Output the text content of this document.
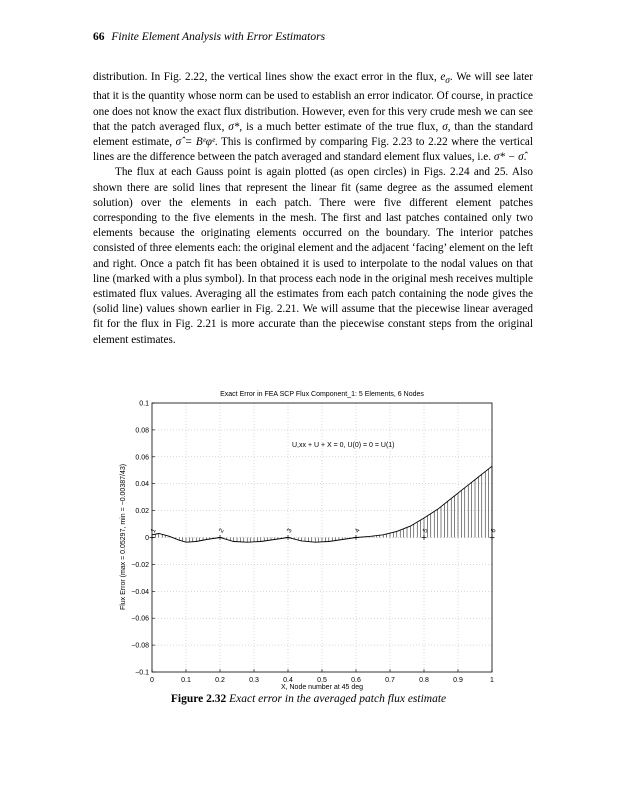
66 Finite Element Analysis with Error Estimators

distribution. In Fig. 2.22, the vertical lines show the exact error in the flux, $e_\sigma$. We will see later that it is the quantity whose norm can be used to establish an error indicator. Of course, in practice one does not know the exact flux distribution. However, even for this very crude mesh we can see that the patch averaged flux, σ*, is a much better estimate of the true flux, σ, than the standard element estimate, σ̂ = Bᵉφᵉ. This is confirmed by comparing Fig. 2.23 to 2.22 where the vertical lines are the difference between the patch averaged and standard element flux values, i.e. σ* − σ̂.

The flux at each Gauss point is again plotted (as open circles) in Figs. 2.24 and 25. Also shown there are solid lines that represent the linear fit (same degree as the assumed element solution) over the elements in each patch. There were five different element patches corresponding to the five elements in the mesh. The first and last patches contained only two elements because the originating elements occurred on the boundary. The interior patches consisted of three elements each: the original element and the adjacent ‘facing’ element on the left and right. Once a patch fit has been obtained it is used to interpolate to the nodal values on that line (marked with a plus symbol). In that process each node in the original mesh receives multiple estimated flux values. Averaging all the estimates from each patch containing the node gives the (solid line) values shown earlier in Fig. 2.21. We will assume that the piecewise linear averaged fit for the flux in Fig. 2.21 is more accurate than the piecewise constant steps from the original element estimates.

Exact Error in FEA SCP Flux Component_1: 5 Elements, 6 Nodes
1	2	3	4	5	6
0	0.1	0.2	0.3	0.4	0.5	0.6	0.7	0.8	0.9	1
0.1
0.08
0.06
0.04
0.02
0
−0.02
−0.04
−0.06
−0.08
−0.1
U,xx + U + X = 0, U(0) = 0 = U(1)
X, Node number at 45 deg
Flux Error (max = 0.05297, min = −0.00387/43)
Figure 2.32 Exact error in the averaged patch flux estimate
